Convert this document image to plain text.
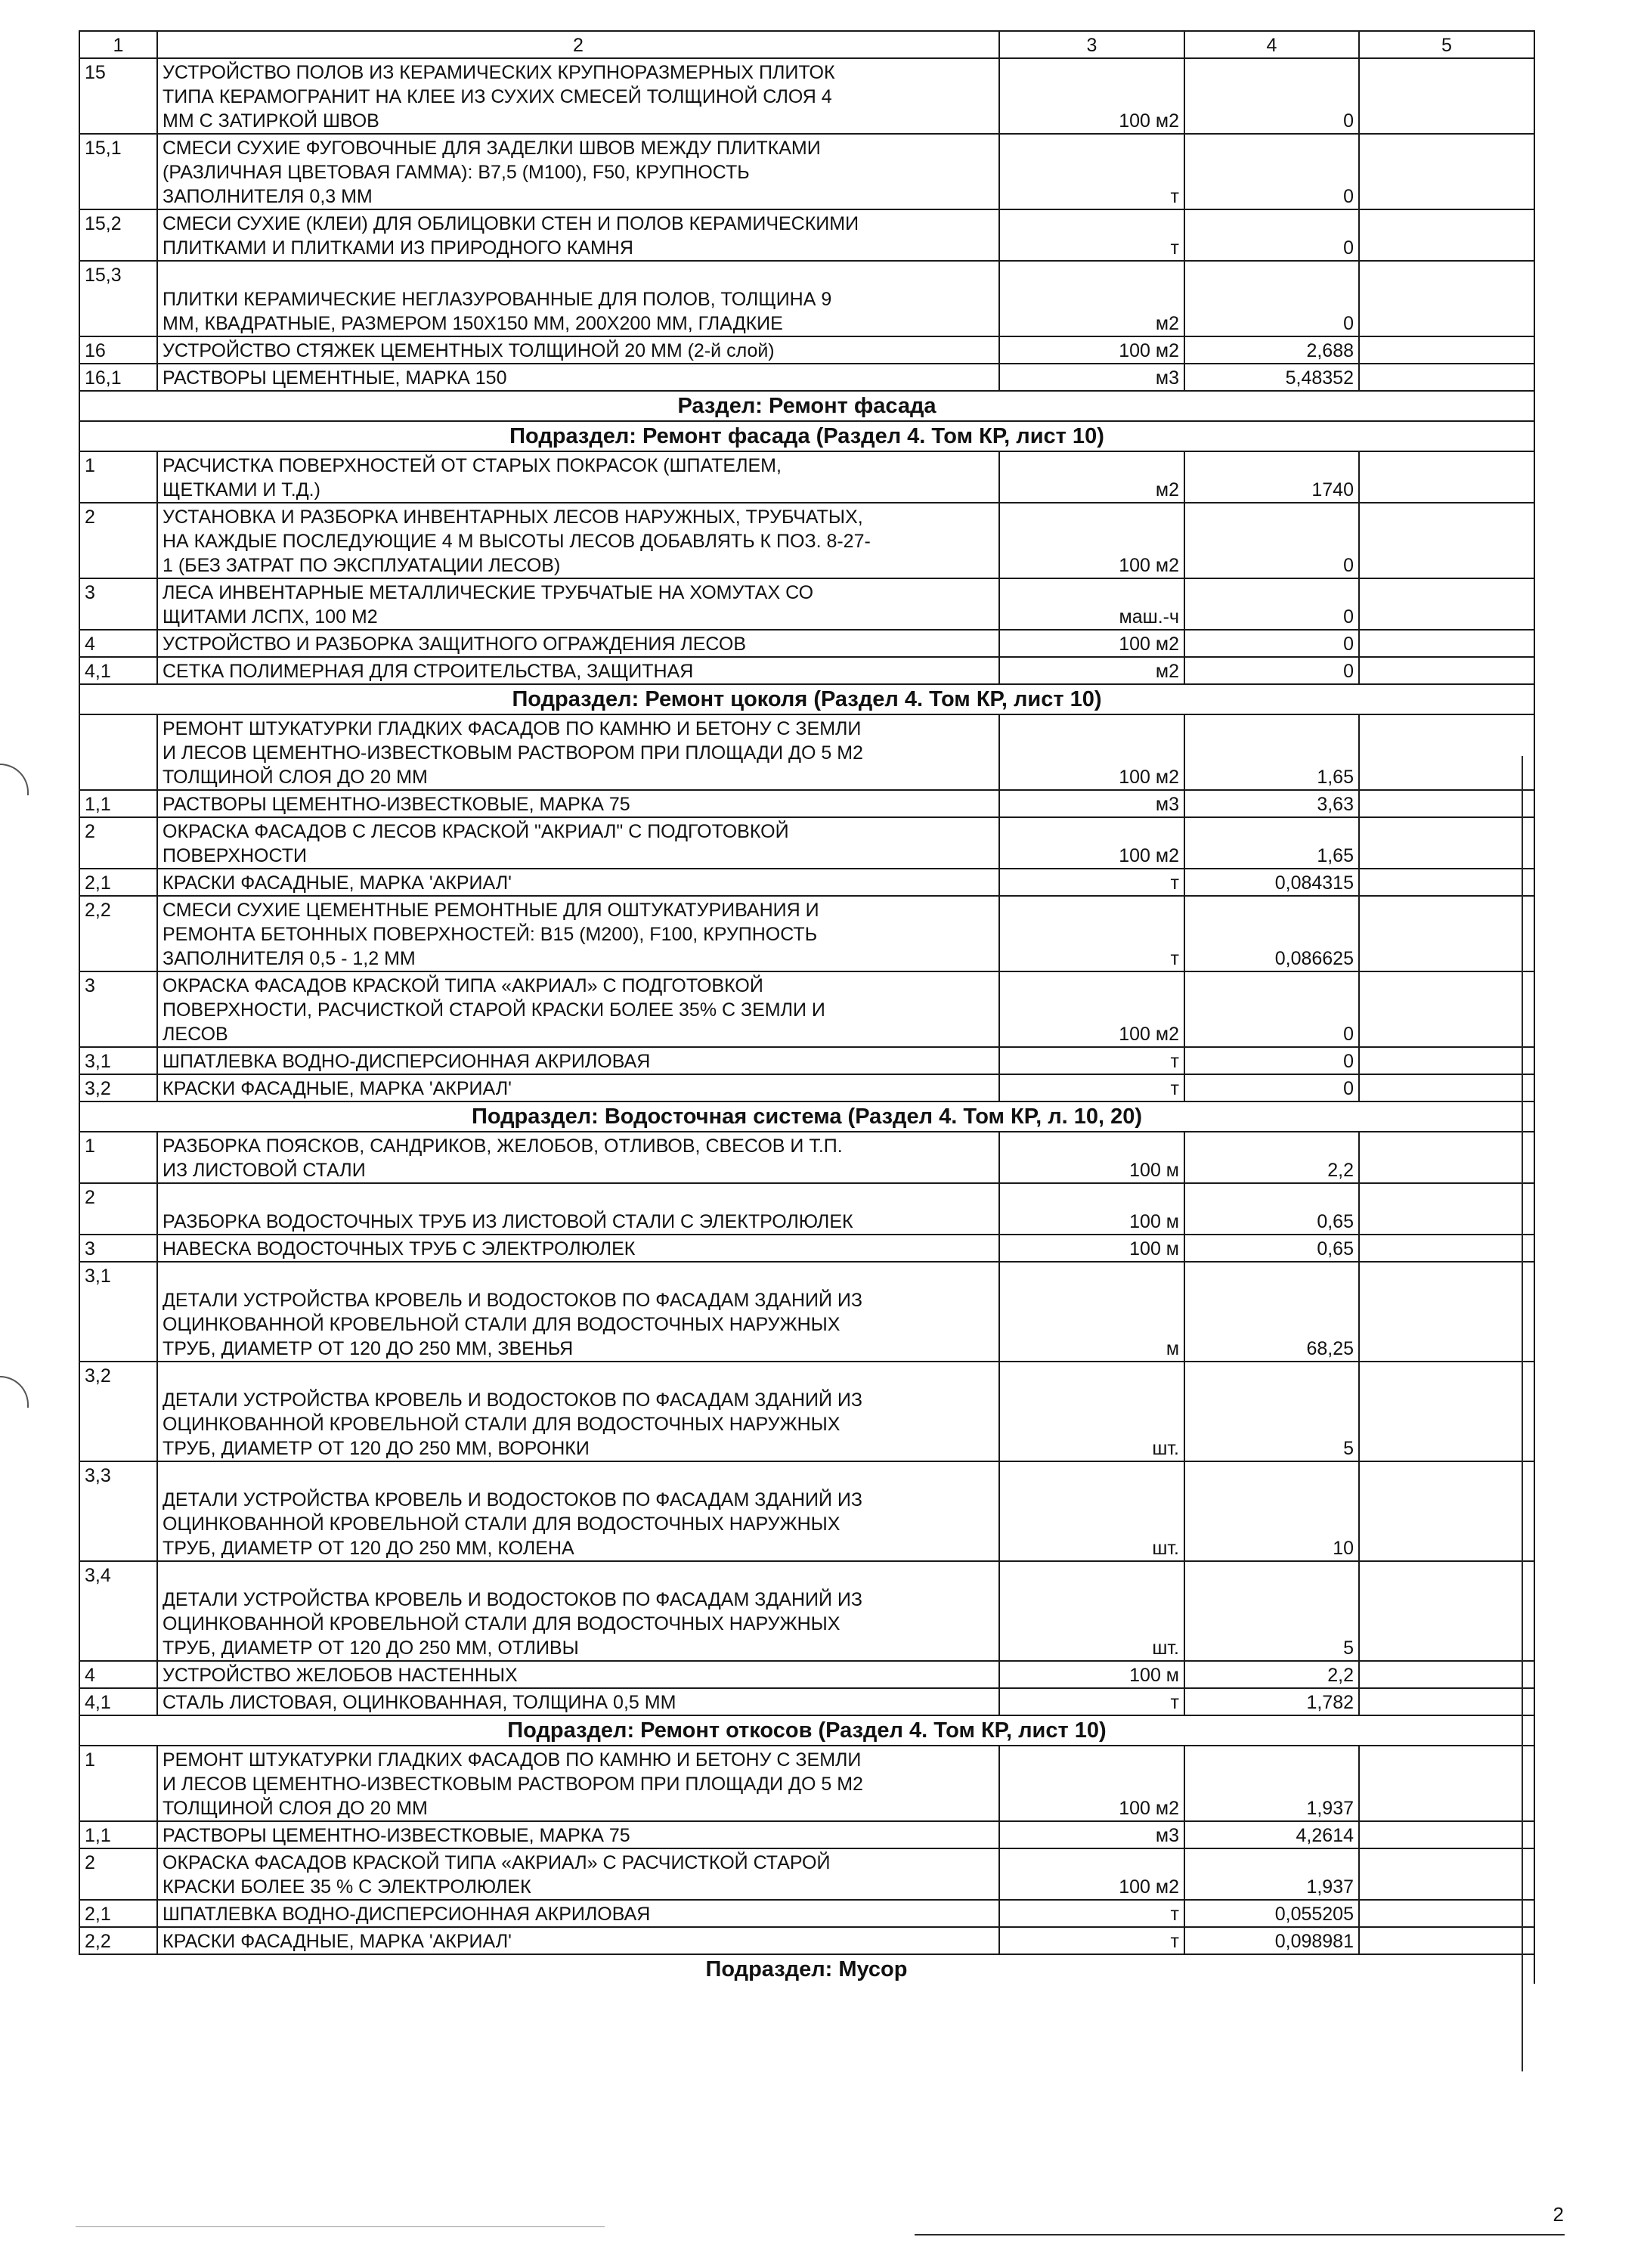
1	2	3	4	5
15	УСТРОЙСТВО ПОЛОВ ИЗ КЕРАМИЧЕСКИХ КРУПНОРАЗМЕРНЫХ ПЛИТОК
ТИПА КЕРАМОГРАНИТ НА КЛЕЕ ИЗ СУХИХ СМЕСЕЙ ТОЛЩИНОЙ СЛОЯ 4
ММ С ЗАТИРКОЙ ШВОВ	100 м2	0	
15,1	СМЕСИ СУХИЕ ФУГОВОЧНЫЕ ДЛЯ ЗАДЕЛКИ ШВОВ МЕЖДУ ПЛИТКАМИ
(РАЗЛИЧНАЯ ЦВЕТОВАЯ ГАММА): В7,5 (М100), F50, КРУПНОСТЬ
ЗАПОЛНИТЕЛЯ 0,3 ММ	т	0	
15,2	СМЕСИ СУХИЕ (КЛЕИ) ДЛЯ ОБЛИЦОВКИ СТЕН И ПОЛОВ КЕРАМИЧЕСКИМИ
ПЛИТКАМИ И ПЛИТКАМИ ИЗ ПРИРОДНОГО КАМНЯ	т	0	
15,3	
ПЛИТКИ КЕРАМИЧЕСКИЕ НЕГЛАЗУРОВАННЫЕ ДЛЯ ПОЛОВ, ТОЛЩИНА 9
ММ, КВАДРАТНЫЕ, РАЗМЕРОМ 150Х150 ММ, 200Х200 ММ, ГЛАДКИЕ	м2	0	
16	УСТРОЙСТВО СТЯЖЕК ЦЕМЕНТНЫХ ТОЛЩИНОЙ 20 ММ (2-й слой)	100 м2	2,688	
16,1	РАСТВОРЫ ЦЕМЕНТНЫЕ, МАРКА 150	м3	5,48352	
Раздел: Ремонт фасада				
Подраздел: Ремонт фасада (Раздел 4. Том КР, лист 10)				
1	РАСЧИСТКА ПОВЕРХНОСТЕЙ ОТ СТАРЫХ ПОКРАСОК (ШПАТЕЛЕМ,
ЩЕТКАМИ И Т.Д.)	м2	1740	
2	УСТАНОВКА И РАЗБОРКА ИНВЕНТАРНЫХ ЛЕСОВ НАРУЖНЫХ, ТРУБЧАТЫХ,
НА КАЖДЫЕ ПОСЛЕДУЮЩИЕ 4 М ВЫСОТЫ ЛЕСОВ ДОБАВЛЯТЬ К ПОЗ. 8-27-
1 (БЕЗ ЗАТРАТ ПО ЭКСПЛУАТАЦИИ ЛЕСОВ)	100 м2	0	
3	ЛЕСА ИНВЕНТАРНЫЕ МЕТАЛЛИЧЕСКИЕ ТРУБЧАТЫЕ НА ХОМУТАХ СО
ЩИТАМИ ЛСПХ, 100 М2	маш.-ч	0	
4	УСТРОЙСТВО И РАЗБОРКА ЗАЩИТНОГО ОГРАЖДЕНИЯ ЛЕСОВ	100 м2	0	
4,1	СЕТКА ПОЛИМЕРНАЯ ДЛЯ СТРОИТЕЛЬСТВА, ЗАЩИТНАЯ	м2	0	
Подраздел: Ремонт цоколя (Раздел 4. Том КР, лист 10)				
	РЕМОНТ ШТУКАТУРКИ ГЛАДКИХ ФАСАДОВ ПО КАМНЮ И БЕТОНУ С ЗЕМЛИ
И ЛЕСОВ ЦЕМЕНТНО-ИЗВЕСТКОВЫМ РАСТВОРОМ ПРИ ПЛОЩАДИ ДО 5 М2
ТОЛЩИНОЙ СЛОЯ ДО 20 ММ	100 м2	1,65	
1,1	РАСТВОРЫ ЦЕМЕНТНО-ИЗВЕСТКОВЫЕ, МАРКА 75	м3	3,63	
2	ОКРАСКА ФАСАДОВ С ЛЕСОВ КРАСКОЙ "АКРИАЛ" С ПОДГОТОВКОЙ
ПОВЕРХНОСТИ	100 м2	1,65	
2,1	КРАСКИ ФАСАДНЫЕ, МАРКА 'АКРИАЛ'	т	0,084315	
2,2	СМЕСИ СУХИЕ ЦЕМЕНТНЫЕ РЕМОНТНЫЕ ДЛЯ ОШТУКАТУРИВАНИЯ И
РЕМОНТА БЕТОННЫХ ПОВЕРХНОСТЕЙ: В15 (М200), F100, КРУПНОСТЬ
ЗАПОЛНИТЕЛЯ 0,5 - 1,2 ММ	т	0,086625	
3	ОКРАСКА ФАСАДОВ КРАСКОЙ ТИПА «АКРИАЛ» С ПОДГОТОВКОЙ
ПОВЕРХНОСТИ, РАСЧИСТКОЙ СТАРОЙ КРАСКИ БОЛЕЕ 35% С ЗЕМЛИ И
ЛЕСОВ	100 м2	0	
3,1	ШПАТЛЕВКА ВОДНО-ДИСПЕРСИОННАЯ АКРИЛОВАЯ	т	0	
3,2	КРАСКИ ФАСАДНЫЕ, МАРКА 'АКРИАЛ'	т	0	
Подраздел: Водосточная система (Раздел 4. Том КР, л. 10, 20)				
1	РАЗБОРКА ПОЯСКОВ, САНДРИКОВ, ЖЕЛОБОВ, ОТЛИВОВ, СВЕСОВ И Т.П.
ИЗ ЛИСТОВОЙ СТАЛИ	100 м	2,2	
2	
РАЗБОРКА ВОДОСТОЧНЫХ ТРУБ ИЗ ЛИСТОВОЙ СТАЛИ С ЭЛЕКТРОЛЮЛЕК	100 м	0,65	
3	НАВЕСКА ВОДОСТОЧНЫХ ТРУБ С ЭЛЕКТРОЛЮЛЕК	100 м	0,65	
3,1	
ДЕТАЛИ УСТРОЙСТВА КРОВЕЛЬ И ВОДОСТОКОВ ПО ФАСАДАМ ЗДАНИЙ ИЗ
ОЦИНКОВАННОЙ КРОВЕЛЬНОЙ СТАЛИ ДЛЯ ВОДОСТОЧНЫХ НАРУЖНЫХ
ТРУБ, ДИАМЕТР ОТ 120 ДО 250 ММ, ЗВЕНЬЯ	м	68,25	
3,2	
ДЕТАЛИ УСТРОЙСТВА КРОВЕЛЬ И ВОДОСТОКОВ ПО ФАСАДАМ ЗДАНИЙ ИЗ
ОЦИНКОВАННОЙ КРОВЕЛЬНОЙ СТАЛИ ДЛЯ ВОДОСТОЧНЫХ НАРУЖНЫХ
ТРУБ, ДИАМЕТР ОТ 120 ДО 250 ММ, ВОРОНКИ	шт.	5	
3,3	
ДЕТАЛИ УСТРОЙСТВА КРОВЕЛЬ И ВОДОСТОКОВ ПО ФАСАДАМ ЗДАНИЙ ИЗ
ОЦИНКОВАННОЙ КРОВЕЛЬНОЙ СТАЛИ ДЛЯ ВОДОСТОЧНЫХ НАРУЖНЫХ
ТРУБ, ДИАМЕТР ОТ 120 ДО 250 ММ, КОЛЕНА	шт.	10	
3,4	
ДЕТАЛИ УСТРОЙСТВА КРОВЕЛЬ И ВОДОСТОКОВ ПО ФАСАДАМ ЗДАНИЙ ИЗ
ОЦИНКОВАННОЙ КРОВЕЛЬНОЙ СТАЛИ ДЛЯ ВОДОСТОЧНЫХ НАРУЖНЫХ
ТРУБ, ДИАМЕТР ОТ 120 ДО 250 ММ, ОТЛИВЫ	шт.	5	
4	УСТРОЙСТВО ЖЕЛОБОВ НАСТЕННЫХ	100 м	2,2	
4,1	СТАЛЬ ЛИСТОВАЯ, ОЦИНКОВАННАЯ, ТОЛЩИНА 0,5 ММ	т	1,782	
Подраздел: Ремонт откосов (Раздел 4. Том КР, лист 10)				
1	РЕМОНТ ШТУКАТУРКИ ГЛАДКИХ ФАСАДОВ ПО КАМНЮ И БЕТОНУ С ЗЕМЛИ
И ЛЕСОВ ЦЕМЕНТНО-ИЗВЕСТКОВЫМ РАСТВОРОМ ПРИ ПЛОЩАДИ ДО 5 М2
ТОЛЩИНОЙ СЛОЯ ДО 20 ММ	100 м2	1,937	
1,1	РАСТВОРЫ ЦЕМЕНТНО-ИЗВЕСТКОВЫЕ, МАРКА 75	м3	4,2614	
2	ОКРАСКА ФАСАДОВ КРАСКОЙ ТИПА «АКРИАЛ» С РАСЧИСТКОЙ СТАРОЙ
КРАСКИ БОЛЕЕ 35 % С ЭЛЕКТРОЛЮЛЕК	100 м2	1,937	
2,1	ШПАТЛЕВКА ВОДНО-ДИСПЕРСИОННАЯ АКРИЛОВАЯ	т	0,055205	
2,2	КРАСКИ ФАСАДНЫЕ, МАРКА 'АКРИАЛ'	т	0,098981	
Подраздел: Мусор				
2
